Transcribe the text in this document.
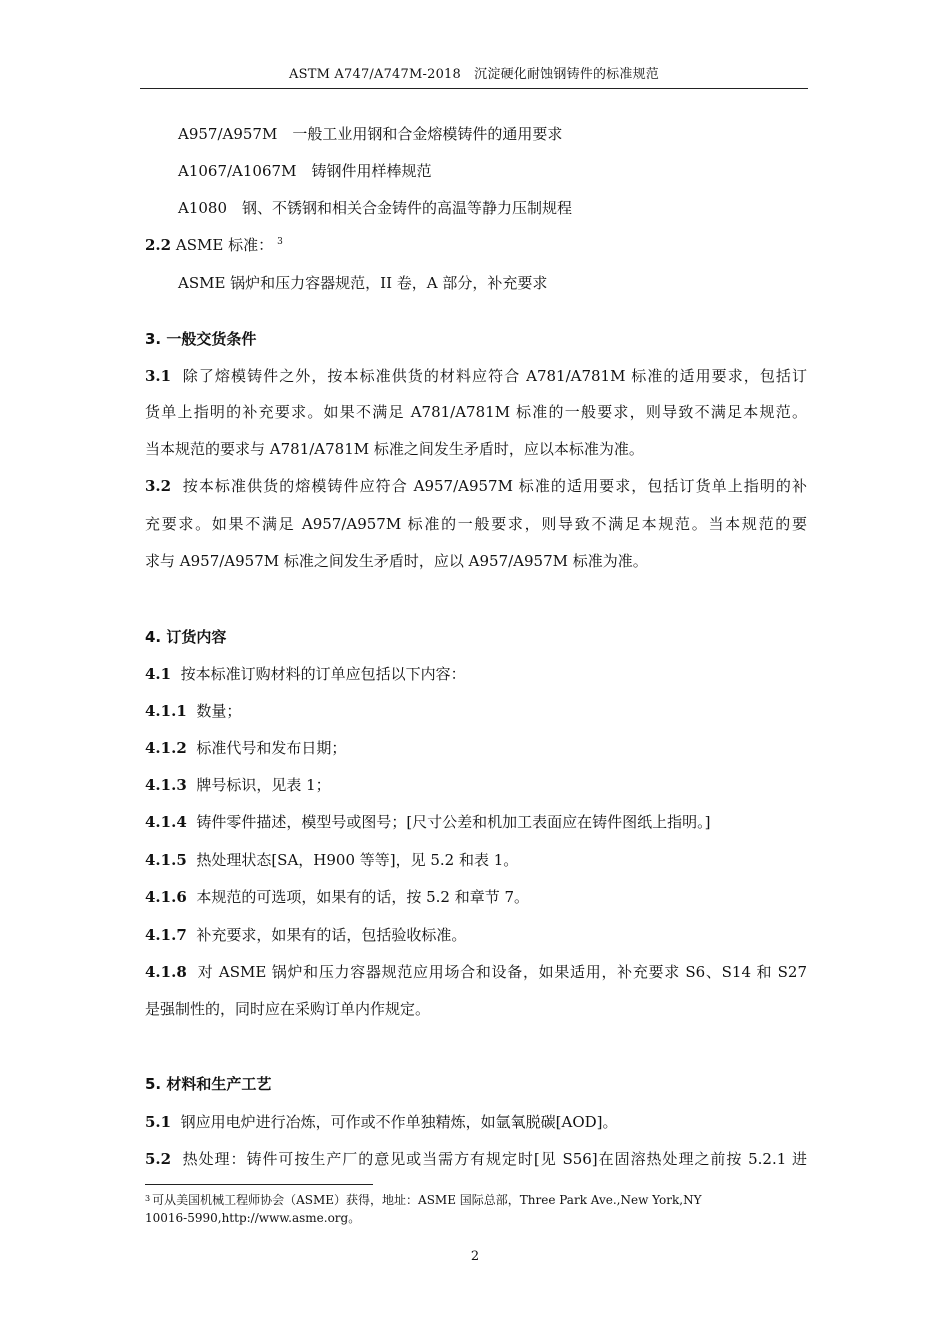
ASTM A747/A747M-2018　沉淀硬化耐蚀钢铸件的标准规范
A957/A957M  一般工业用钢和合金熔模铸件的通用要求
A1067/A1067M  铸钢件用样棒规范
A1080  钢、不锈钢和相关合金铸件的高温等静力压制规程
2.2 ASME 标准： $^3$
ASME 锅炉和压力容器规范，II 卷，A 部分，补充要求
3. 一般交货条件
3.1 除了熔模铸件之外，按本标准供货的材料应符合 A781/A781M 标准的适用要求，包括订
货单上指明的补充要求。如果不满足 A781/A781M 标准的一般要求，则导致不满足本规范。
当本规范的要求与 A781/A781M 标准之间发生矛盾时，应以本标准为准。
3.2 按本标准供货的熔模铸件应符合 A957/A957M 标准的适用要求，包括订货单上指明的补
充要求。如果不满足 A957/A957M 标准的一般要求，则导致不满足本规范。当本规范的要
求与 A957/A957M 标准之间发生矛盾时，应以 A957/A957M 标准为准。
4. 订货内容
4.1 按本标准订购材料的订单应包括以下内容：
4.1.1 数量；
4.1.2 标准代号和发布日期；
4.1.3 牌号标识，见表 1；
4.1.4 铸件零件描述，模型号或图号；[尺寸公差和机加工表面应在铸件图纸上指明。]
4.1.5 热处理状态[SA，H900 等等]，见 5.2 和表 1。
4.1.6 本规范的可选项，如果有的话，按 5.2 和章节 7。
4.1.7 补充要求，如果有的话，包括验收标准。
4.1.8 对 ASME 锅炉和压力容器规范应用场合和设备，如果适用，补充要求 S6、S14 和 S27
是强制性的，同时应在采购订单内作规定。
5. 材料和生产工艺
5.1 钢应用电炉进行冶炼，可作或不作单独精炼，如氩氧脱碳[AOD]。
5.2 热处理：铸件可按生产厂的意见或当需方有规定时[见 S56]在固溶热处理之前按 5.2.1 进
$^3$ 可从美国机械工程师协会（ASME）获得，地址：ASME 国际总部，Three Park Ave.,New York,NY
10016-5990,http://www.asme.org。
2
